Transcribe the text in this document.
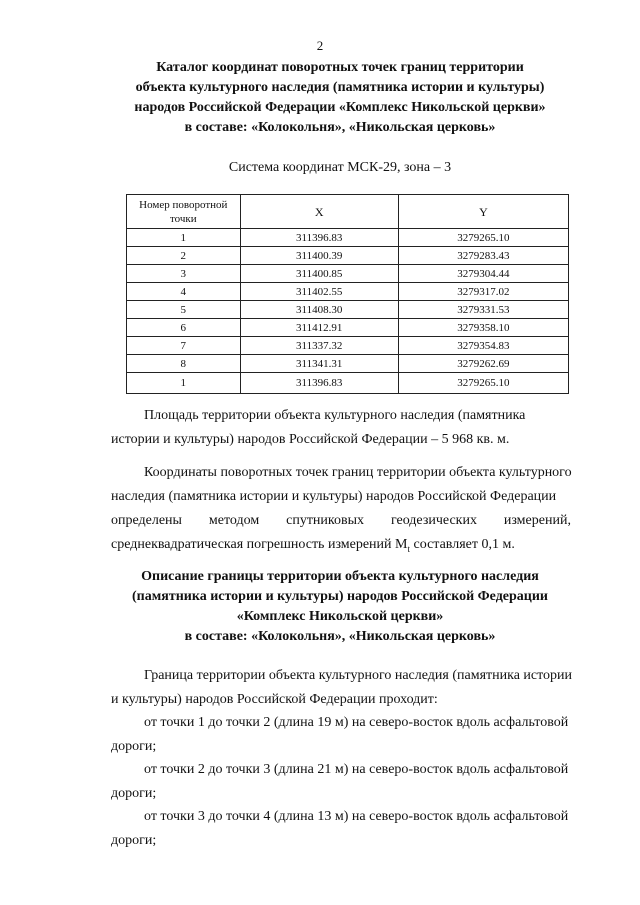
2
Каталог координат поворотных точек границ территории
объекта культурного наследия (памятника истории и культуры)
народов Российской Федерации «Комплекс Никольской церкви»
в составе: «Колокольня», «Никольская церковь»
Система координат МСК-29, зона – 3
Номер поворотной
точки	X	Y
1	311396.83	3279265.10
2	311400.39	3279283.43
3	311400.85	3279304.44
4	311402.55	3279317.02
5	311408.30	3279331.53
6	311412.91	3279358.10
7	311337.32	3279354.83
8	311341.31	3279262.69
1	311396.83	3279265.10
Площадь территории объекта культурного наследия (памятника
истории и культуры) народов Российской Федерации – 5 968 кв. м.
Координаты поворотных точек границ территории объекта культурного
наследия (памятника истории и культуры) народов Российской Федерации
определены методом спутниковых геодезических измерений,
среднеквадратическая погрешность измерений $M_t$ составляет 0,1 м.
Описание границы территории объекта культурного наследия
(памятника истории и культуры) народов Российской Федерации
«Комплекс Никольской церкви»
в составе: «Колокольня», «Никольская церковь»
Граница территории объекта культурного наследия (памятника истории
и культуры) народов Российской Федерации проходит:
от точки 1 до точки 2 (длина 19 м) на северо-восток вдоль асфальтовой
дороги;
от точки 2 до точки 3 (длина 21 м) на северо-восток вдоль асфальтовой
дороги;
от точки 3 до точки 4 (длина 13 м) на северо-восток вдоль асфальтовой
дороги;
